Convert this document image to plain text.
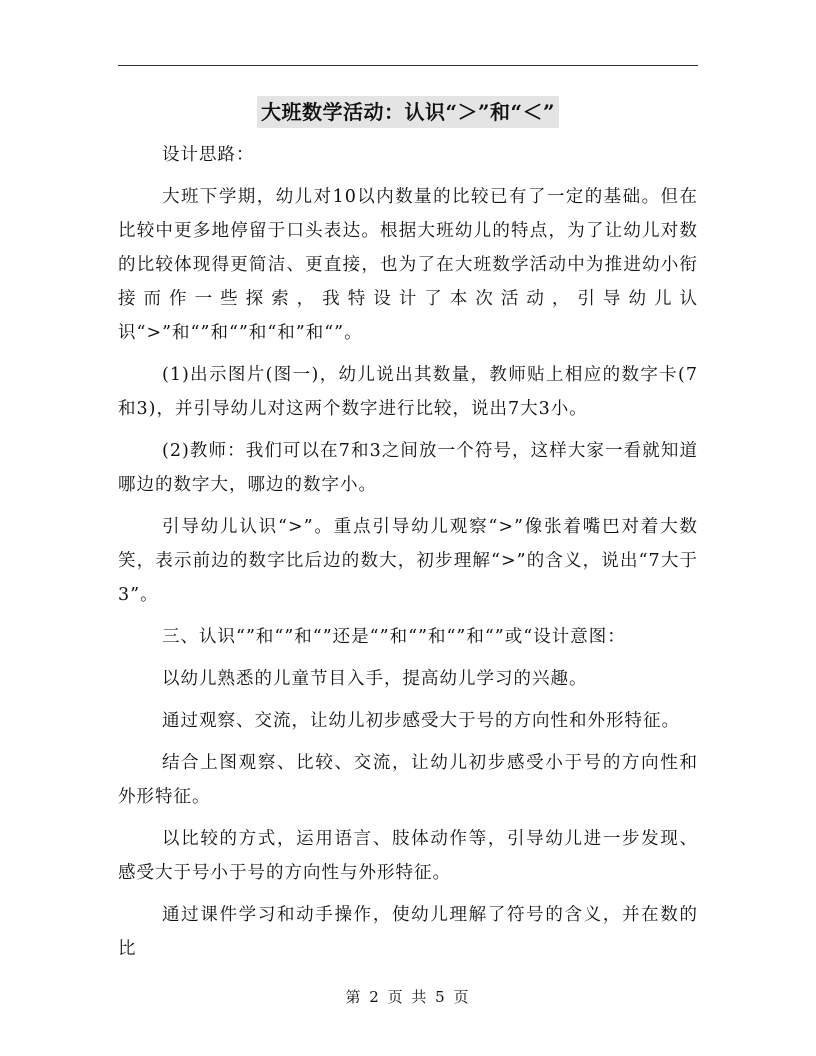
大班数学活动：认识“＞”和“＜”

设计思路：

大班下学期，幼儿对10以内数量的比较已有了一定的基础。但在比较中更多地停留于口头表达。根据大班幼儿的特点，为了让幼儿对数的比较体现得更简洁、更直接，也为了在大班数学活动中为推进幼小衔接而作一些探索，我特设计了本次活动，引导幼儿认识“>”和“”和“”和“和”和“”。

(1)出示图片(图一)，幼儿说出其数量，教师贴上相应的数字卡(7和3)，并引导幼儿对这两个数字进行比较，说出7大3小。

(2)教师：我们可以在7和3之间放一个符号，这样大家一看就知道哪边的数字大，哪边的数字小。

引导幼儿认识“>”。重点引导幼儿观察“>”像张着嘴巴对着大数笑，表示前边的数字比后边的数大，初步理解“>”的含义，说出“7大于3”。

三、认识“”和“”和“”还是“”和“”和“”和“”或“设计意图：

以幼儿熟悉的儿童节目入手，提高幼儿学习的兴趣。

通过观察、交流，让幼儿初步感受大于号的方向性和外形特征。

结合上图观察、比较、交流，让幼儿初步感受小于号的方向性和外形特征。

以比较的方式，运用语言、肢体动作等，引导幼儿进一步发现、感受大于号小于号的方向性与外形特征。

通过课件学习和动手操作，使幼儿理解了符号的含义，并在数的比

第 2 页 共 5 页
